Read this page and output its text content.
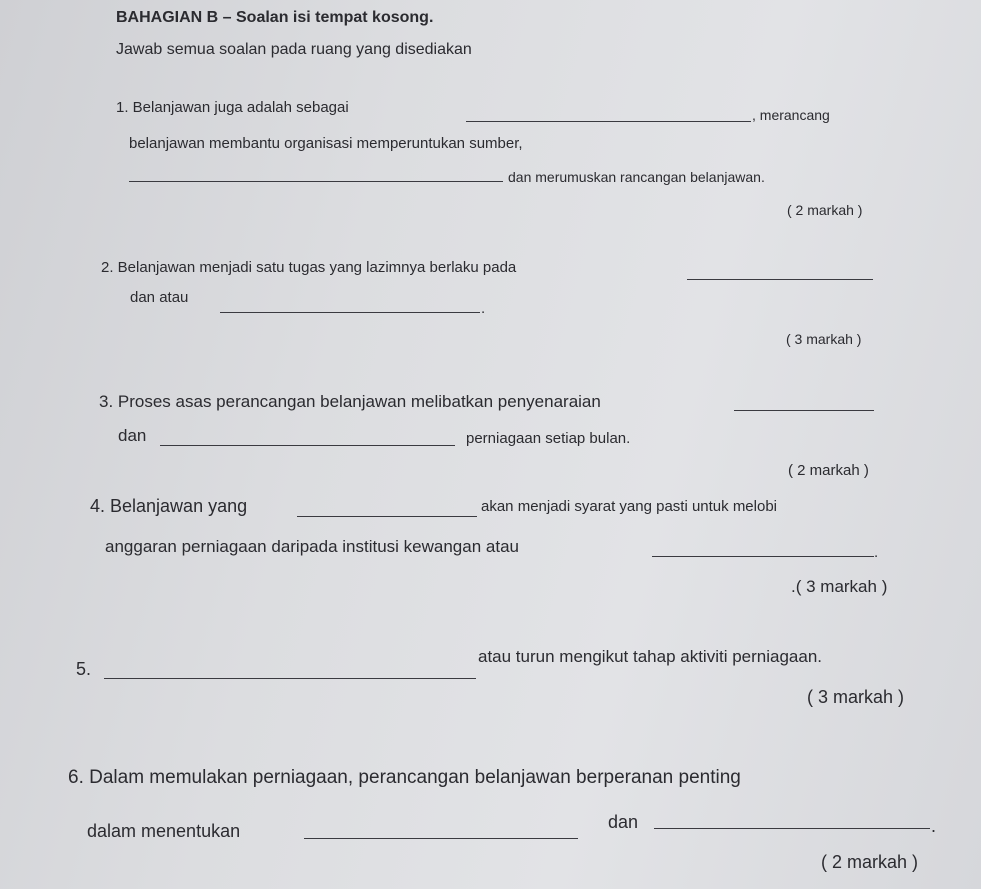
BAHAGIAN B – Soalan isi tempat kosong.
Jawab semua soalan pada ruang yang disediakan
1. Belanjawan juga adalah sebagai	, merancang
belanjawan membantu organisasi memperuntukan sumber,
dan merumuskan rancangan belanjawan.
( 2 markah )
2. Belanjawan menjadi satu tugas yang lazimnya berlaku pada
dan atau
.
( 3 markah )
3. Proses asas perancangan belanjawan melibatkan penyenaraian
dan	perniagaan setiap bulan.
( 2 markah )
4. Belanjawan yang	akan menjadi syarat yang pasti untuk melobi
anggaran perniagaan daripada institusi kewangan atau	.
.( 3 markah )
5.
atau turun mengikut tahap aktiviti perniagaan.
( 3 markah )
6. Dalam memulakan perniagaan, perancangan belanjawan berperanan penting
dalam menentukan	dan	.
( 2 markah )
